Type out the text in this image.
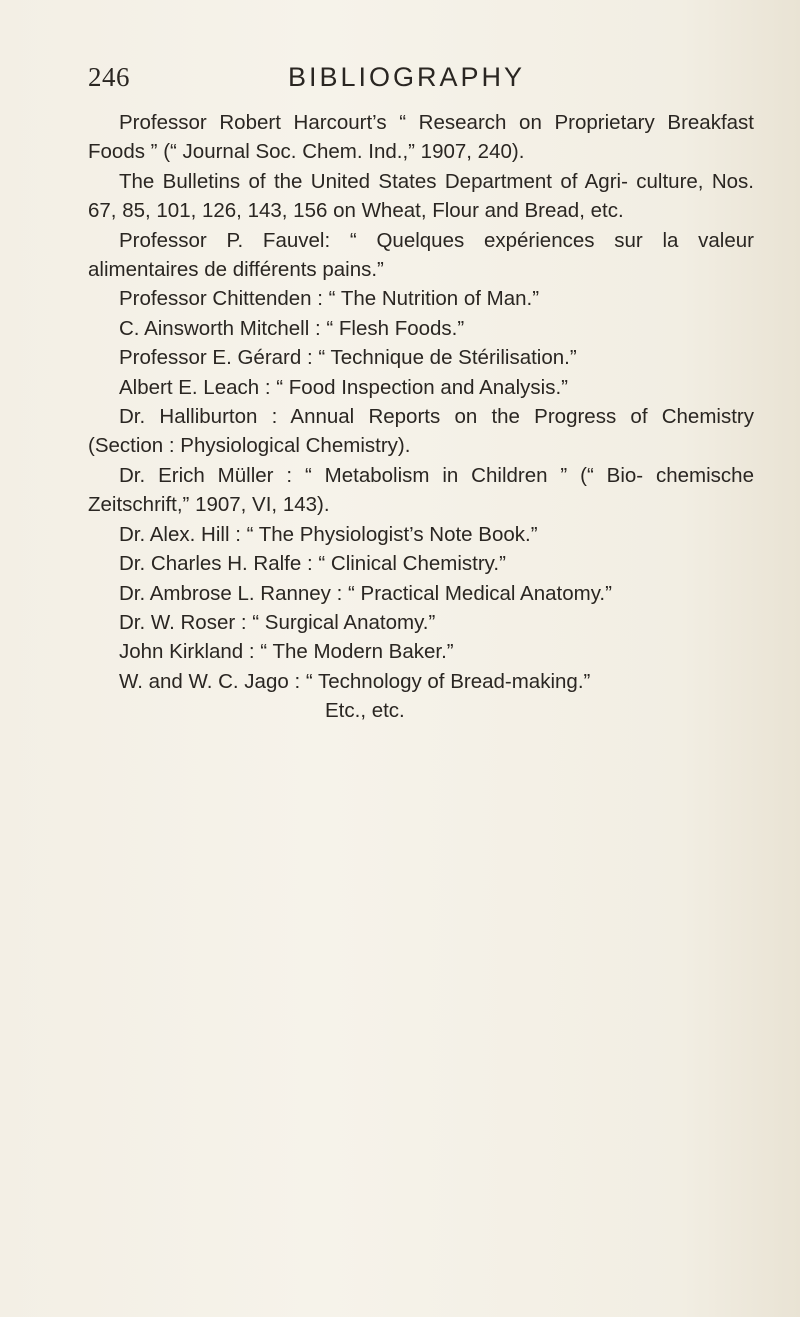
246	BIBLIOGRAPHY

Professor Robert Harcourt’s “ Research on Proprietary Breakfast Foods ” (“ Journal Soc. Chem. Ind.,” 1907, 240).

The Bulletins of the United States Department of Agri- culture, Nos. 67, 85, 101, 126, 143, 156 on Wheat, Flour and Bread, etc.

Professor P. Fauvel: “ Quelques expériences sur la valeur alimentaires de différents pains.”

Professor Chittenden : “ The Nutrition of Man.”

C. Ainsworth Mitchell : “ Flesh Foods.”

Professor E. Gérard : “ Technique de Stérilisation.”

Albert E. Leach : “ Food Inspection and Analysis.”

Dr. Halliburton : Annual Reports on the Progress of Chemistry (Section : Physiological Chemistry).

Dr. Erich Müller : “ Metabolism in Children ” (“ Bio- chemische Zeitschrift,” 1907, VI, 143).

Dr. Alex. Hill : “ The Physiologist’s Note Book.”

Dr. Charles H. Ralfe : “ Clinical Chemistry.”

Dr. Ambrose L. Ranney : “ Practical Medical Anatomy.”

Dr. W. Roser : “ Surgical Anatomy.”

John Kirkland : “ The Modern Baker.”

W. and W. C. Jago : “ Technology of Bread-making.”

Etc., etc.
